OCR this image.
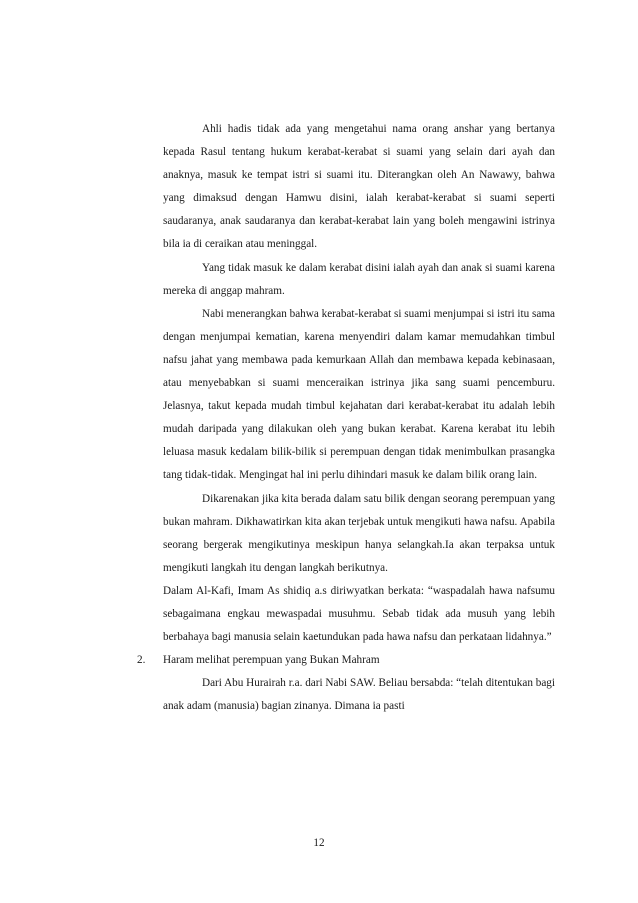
Ahli hadis tidak ada yang mengetahui nama orang anshar yang bertanya kepada Rasul tentang hukum kerabat-kerabat si suami yang selain dari ayah dan anaknya, masuk ke tempat istri si suami itu. Diterangkan oleh An Nawawy, bahwa yang dimaksud dengan Hamwu disini, ialah kerabat-kerabat si suami seperti saudaranya, anak saudaranya dan kerabat-kerabat lain yang boleh mengawini istrinya bila ia di ceraikan atau meninggal.

Yang tidak masuk ke dalam kerabat disini ialah ayah dan anak si suami karena mereka di anggap mahram.

Nabi menerangkan bahwa kerabat-kerabat si suami menjumpai si istri itu sama dengan menjumpai kematian, karena menyendiri dalam kamar memudahkan timbul nafsu jahat yang membawa pada kemurkaan Allah dan membawa kepada kebinasaan, atau menyebabkan si suami menceraikan istrinya jika sang suami pencemburu. Jelasnya, takut kepada mudah timbul kejahatan dari kerabat-kerabat itu adalah lebih mudah daripada yang dilakukan oleh yang bukan kerabat. Karena kerabat itu lebih leluasa masuk kedalam bilik-bilik si perempuan dengan tidak menimbulkan prasangka tang tidak-tidak. Mengingat hal ini perlu dihindari masuk ke dalam bilik orang lain.

Dikarenakan jika kita berada dalam satu bilik dengan seorang perempuan yang bukan mahram. Dikhawatirkan kita akan terjebak untuk mengikuti hawa nafsu. Apabila seorang bergerak mengikutinya meskipun hanya selangkah.Ia akan terpaksa untuk mengikuti langkah itu dengan langkah berikutnya.

Dalam Al-Kafi, Imam As shidiq a.s diriwyatkan berkata: “waspadalah hawa nafsumu sebagaimana engkau mewaspadai musuhmu. Sebab tidak ada musuh yang lebih berbahaya bagi manusia selain kaetundukan pada hawa nafsu dan perkataan lidahnya.”

2. Haram melihat perempuan yang Bukan Mahram

Dari Abu Hurairah r.a. dari Nabi SAW. Beliau bersabda: “telah ditentukan bagi anak adam (manusia) bagian zinanya. Dimana ia pasti

12
